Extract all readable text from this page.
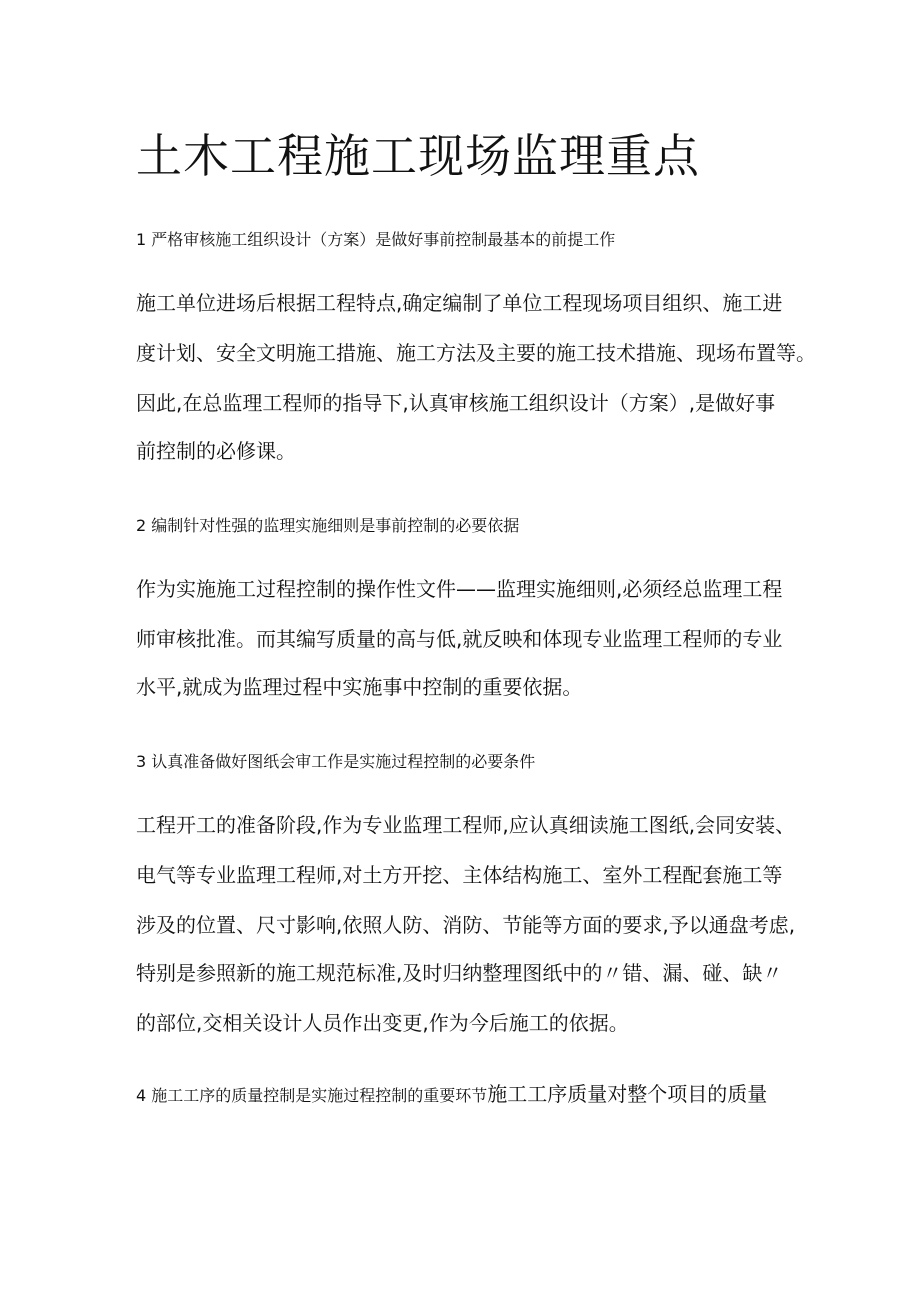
土木工程施工现场监理重点
1 严格审核施工组织设计（方案）是做好事前控制最基本的前提工作
施工单位进场后根据工程特点,确定编制了单位工程现场项目组织、施工进
度计划、安全文明施工措施、施工方法及主要的施工技术措施、现场布置等。
因此,在总监理工程师的指导下,认真审核施工组织设计（方案）,是做好事
前控制的必修课。
2 编制针对性强的监理实施细则是事前控制的必要依据
作为实施施工过程控制的操作性文件——监理实施细则,必须经总监理工程
师审核批准。而其编写质量的高与低,就反映和体现专业监理工程师的专业
水平,就成为监理过程中实施事中控制的重要依据。
3 认真准备做好图纸会审工作是实施过程控制的必要条件
工程开工的准备阶段,作为专业监理工程师,应认真细读施工图纸,会同安装、
电气等专业监理工程师,对土方开挖、主体结构施工、室外工程配套施工等
涉及的位置、尺寸影响,依照人防、消防、节能等方面的要求,予以通盘考虑,
特别是参照新的施工规范标准,及时归纳整理图纸中的〃错、漏、碰、缺〃
的部位,交相关设计人员作出变更,作为今后施工的依据。
4 施工工序的质量控制是实施过程控制的重要环节施工工序质量对整个项目的质量
